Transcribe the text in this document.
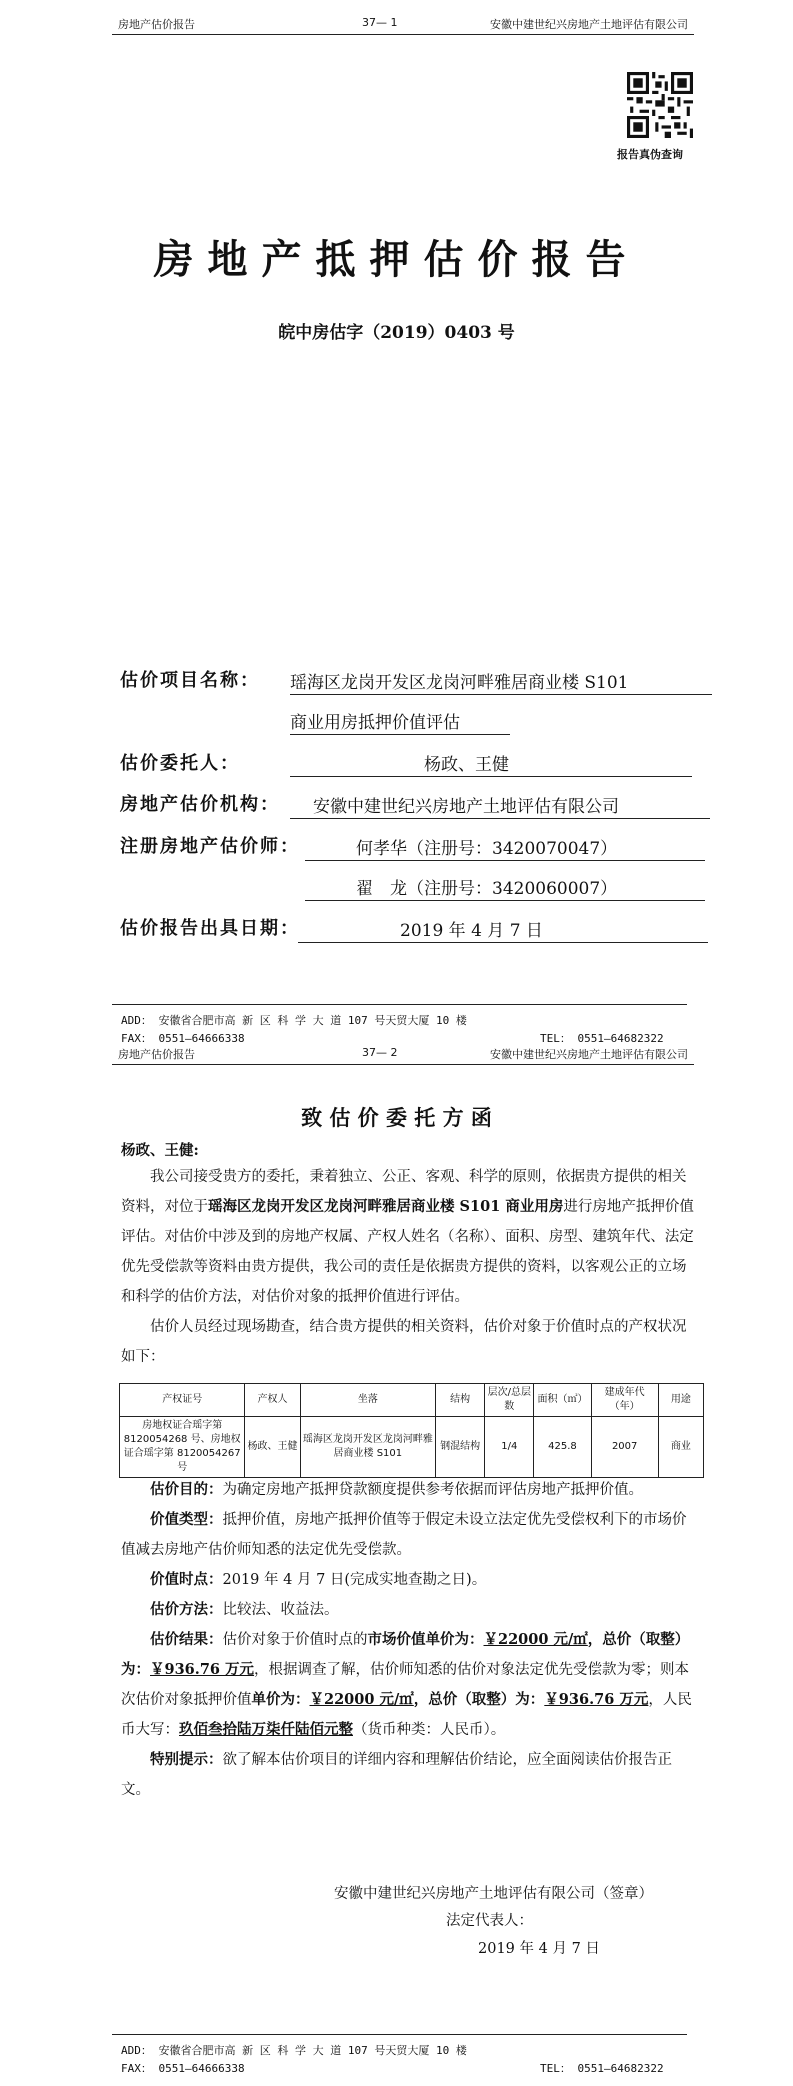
房地产估价报告	37— 1	安徽中建世纪兴房地产土地评估有限公司
报告真伪查询
房地产抵押估价报告
皖中房估字（2019）0403 号
估价项目名称： 瑶海区龙岗开发区龙岗河畔雅居商业楼 S101
商业用房抵押价值评估
估价委托人：	杨政、王健
房地产估价机构： 安徽中建世纪兴房地产土地评估有限公司
注册房地产估价师：	何孝华（注册号：3420070047）
翟　龙（注册号：3420060007）
估价报告出具日期：	2019 年 4 月 7 日
ADD： 安徽省合肥市高 新 区 科 学 大 道 107 号天贸大厦 10 楼
FAX： 0551—64666338	TEL： 0551—64682322
房地产估价报告	37— 2	安徽中建世纪兴房地产土地评估有限公司
致 估 价 委 托 方 函
杨政、王健:
我公司接受贵方的委托，秉着独立、公正、客观、科学的原则，依据贵方提供的相关资料，对位于瑶海区龙岗开发区龙岗河畔雅居商业楼 S101 商业用房进行房地产抵押价值评估。对估价中涉及到的房地产权属、产权人姓名（名称）、面积、房型、建筑年代、法定优先受偿款等资料由贵方提供，我公司的责任是依据贵方提供的资料，以客观公正的立场和科学的估价方法，对估价对象的抵押价值进行评估。
估价人员经过现场勘查，结合贵方提供的相关资料，估价对象于价值时点的产权状况如下：
产权证号	产权人	坐落	结构	层次/总层数	面积（㎡）	建成年代（年）	用途
房地权证合瑶字第 8120054268 号、房地权证合瑶字第 8120054267 号	杨政、王健	瑶海区龙岗开发区龙岗河畔雅居商业楼 S101	钢混结构	1/4	425.8	2007	商业
估价目的：为确定房地产抵押贷款额度提供参考依据而评估房地产抵押价值。
价值类型：抵押价值，房地产抵押价值等于假定未设立法定优先受偿权利下的市场价值减去房地产估价师知悉的法定优先受偿款。
价值时点：2019 年 4 月 7 日(完成实地查勘之日)。
估价方法：比较法、收益法。
估价结果：估价对象于价值时点的市场价值单价为：￥22000 元/㎡，总价（取整）为：￥936.76 万元，根据调查了解，估价师知悉的估价对象法定优先受偿款为零；则本次估价对象抵押价值单价为：￥22000 元/㎡，总价（取整）为：￥936.76 万元，人民币大写：玖佰叁拾陆万柒仟陆佰元整（货币种类：人民币）。
特别提示：欲了解本估价项目的详细内容和理解估价结论，应全面阅读估价报告正文。
安徽中建世纪兴房地产土地评估有限公司（签章）
法定代表人：
2019 年 4 月 7 日
ADD： 安徽省合肥市高 新 区 科 学 大 道 107 号天贸大厦 10 楼
FAX： 0551—64666338	TEL： 0551—64682322
